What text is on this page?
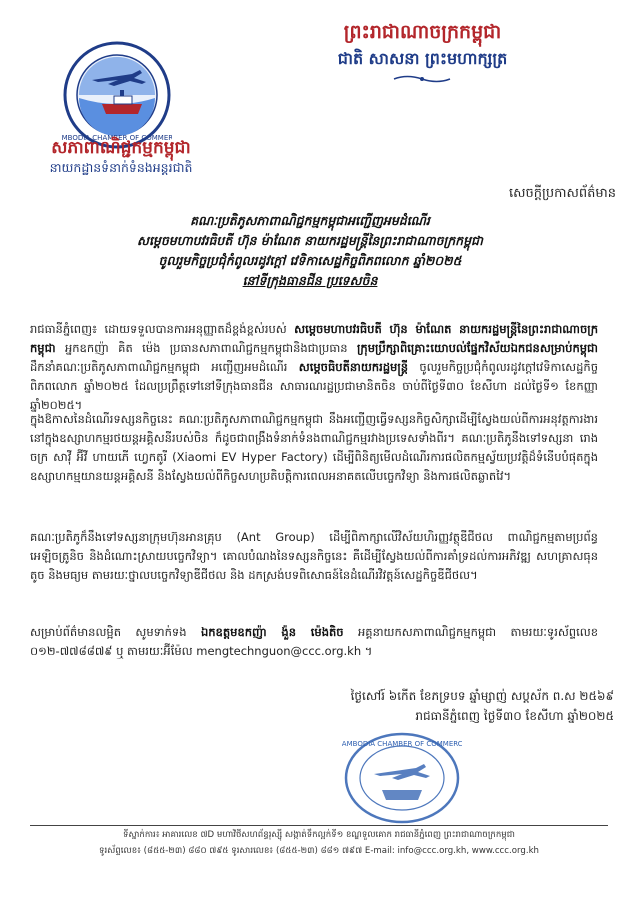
MBODIA CHAMBER OF COMMER
សភាពាណិជ្ជកម្មកម្ពុជា
នាយកដ្ឋានទំនាក់ទំនងអន្តរជាតិ
ព្រះរាជាណាចក្រកម្ពុជា
ជាតិ សាសនា ព្រះមហាក្សត្រ
សេចក្ដីប្រកាសព័ត៌មាន
គណៈប្រតិភូសភាពាណិជ្ជកម្មកម្ពុជាអញ្ជើញអមដំណើរ
សម្តេចមហាបវរធិបតី ហ៊ុន ម៉ាណែត នាយករដ្ឋមន្ត្រីនៃព្រះរាជាណាចក្រកម្ពុជា
ចូលរួមកិច្ចប្រជុំកំពូលរដូវក្ដៅ វេទិកាសេដ្ឋកិច្ចពិភពលោក ឆ្នាំ២០២៥
នៅទីក្រុងធានជីន ប្រទេសចិន
រាជធានីភ្នំពេញ៖ ដោយទទួលបានការអនុញ្ញាតដ៏ខ្ពង់ខ្ពស់របស់ សម្តេចមហាបវរធិបតី ហ៊ុន ម៉ាណែត នាយករដ្ឋមន្ត្រីនៃព្រះរាជាណាចក្រកម្ពុជា អ្នកឧកញ៉ា គិត ម៉េង ប្រធានសភាពាណិជ្ជកម្មកម្ពុជានិងជាប្រធាន ក្រុមប្រឹក្សាពិគ្រោះយោបល់ផ្នែកវិស័យឯកជនសម្រាប់កម្ពុជា ដឹកនាំគណៈប្រតិភូសភាពាណិជ្ជកម្មកម្ពុជា អញ្ជើញអមដំណើរ សម្តេចធិបតីនាយករដ្ឋមន្ត្រី ចូលរួមកិច្ចប្រជុំកំពូលរដូវក្ដៅវេទិកាសេដ្ឋកិច្ចពិភពលោក ឆ្នាំ២០២៥ ដែលប្រព្រឹត្តទៅនៅទីក្រុងធានជីន សាធារណរដ្ឋប្រជាមានិតចិន ចាប់ពីថ្ងៃទី៣០ ខែសីហា ដល់ថ្ងៃទី១ ខែកញ្ញា ឆ្នាំ២០២៥។
ក្នុងឱកាសនៃដំណើរទស្សនកិច្ចនេះ គណៈប្រតិភូសភាពាណិជ្ជកម្មកម្ពុជា នឹងអញ្ជើញធ្វើទស្សនកិច្ចសិក្សាដើម្បីស្វែងយល់ពីការអនុវត្តការងារនៅក្នុងឧស្សាហកម្មរថយន្តអគ្គិសនីរបស់ចិន ក៏ដូចជាពង្រឹងទំនាក់ទំនងពាណិជ្ជកម្មរវាងប្រទេសទាំងពីរ។ គណៈប្រតិភូនឹងទៅទស្សនា រោងចក្រ សាវ៉ី អ៊ីវី ហាយភើ ហ្វេកតូរី (Xiaomi EV Hyper Factory) ដើម្បីពិនិត្យមើលដំណើរការផលិតកម្មស្វ័យប្រវត្តិដ៏ទំនើបបំផុតក្នុងឧស្សាហកម្មយានយន្តអគ្គិសនី និងស្វែងយល់ពីកិច្ចសហប្រតិបត្តិការពេលអនាគតលើបច្ចេកវិទ្យា និងការផលិតឆ្លាតវៃ។
គណៈប្រតិភូក៏នឹងទៅទស្សនាក្រុមហ៊ុនអានគ្រុប (Ant Group) ដើម្បីពិភាក្សាលើវិស័យហិរញ្ញវត្ថុឌីជីថល ពាណិជ្ជកម្មតាមប្រព័ន្ធអេឡិចត្រូនិច និងដំណោះស្រាយបច្ចេកវិទ្យា។ គោលបំណងនៃទស្សនកិច្ចនេះ គឺដើម្បីស្វែងយល់ពីការគាំទ្រដល់ការអភិវឌ្ឍ សហគ្រាសធុនតូច និងមធ្យម តាមរយៈថ្នាលបច្ចេកវិទ្យាឌីជីថល និង ដកស្រង់បទពិសោធន៍នៃដំណើរវិវត្តន៍សេដ្ឋកិច្ចឌីជីថល។
សម្រាប់ព័ត៌មានលម្អិត សូមទាក់ទង ឯកឧត្តមឧកញ៉ា ង៉ួន ម៉េងតិច អគ្គនាយកសភាពាណិជ្ជកម្មកម្ពុជា តាមរយៈទូរស័ព្ទលេខ ០១២-៧៧៨៨៧៩ ឬ តាមរយៈអ៊ីម៉ែល mengtechnguon@ccc.org.kh ។
ថ្ងៃសៅរ៍ ៦កើត ខែភទ្របទ ឆ្នាំម្សាញ់ សប្តស័ក ព.ស ២៥៦៩
រាជធានីភ្នំពេញ ថ្ងៃទី៣០ ខែសីហា ឆ្នាំ២០២៥
CAMBODIA CHAMBER OF COMMERCE
ទីស្នាក់ការ៖ អាគារលេខ ៧D ​​មហាវិថីសហព័ន្ធរុស្ស៊ី សង្កាត់ទឹកល្អក់ទី១ ខណ្ឌទួលគោក រាជធានីភ្នំពេញ ព្រះរាជាណាចក្រកម្ពុជា
ទូរស័ព្ទលេខ៖ (៨៥៥-២៣) ៨៨០ ៧៩៥ ទូរសារលេខ៖ (៨៥៥-២៣) ៨៨១ ៧៩៧ E-mail: info@ccc.org.kh, www.ccc.org.kh
